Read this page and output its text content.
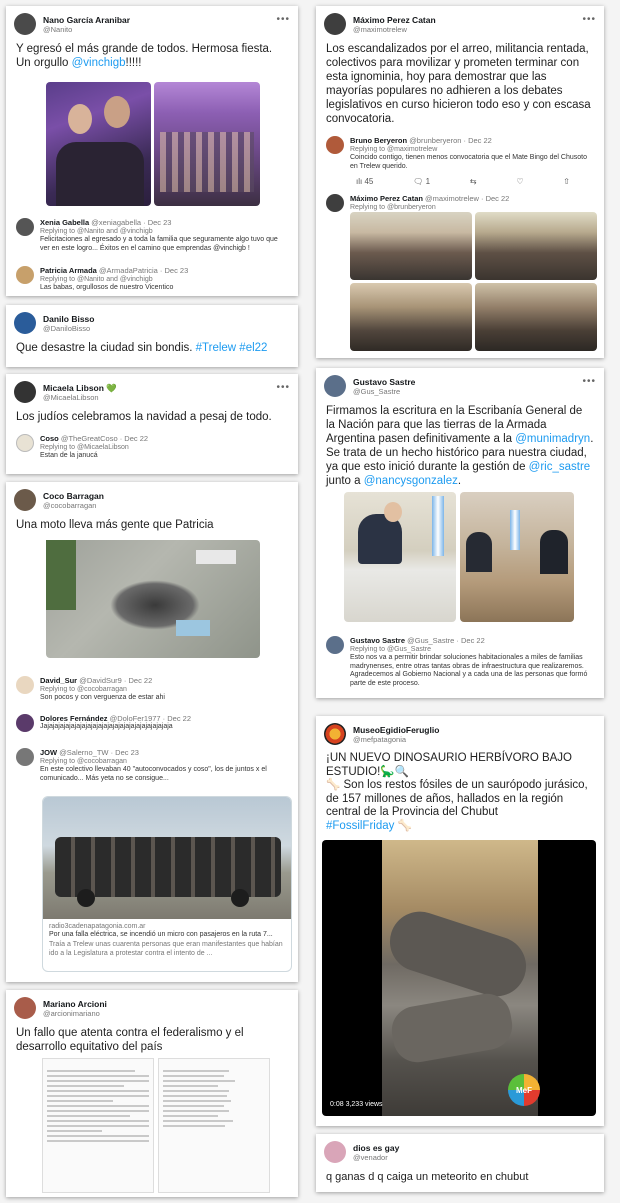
Nano García Aranibar
@Nanito
•••
Y egresó el más grande de todos. Hermosa fiesta. Un orgullo @vinchigb!!!!!
Xenia Gabella @xeniagabella · Dec 23
Replying to @Nanito and @vinchigb
Felicitaciones al egresado y a toda la familia que seguramente algo tuvo que ver en este logro... Éxitos en el camino que emprendas @vinchigb !
Patricia Armada @ArmadaPatricia · Dec 23
Replying to @Nanito and @vinchigb
Las babas, orgullosos de nuestro Vicentico
Danilo Bisso
@DaniloBisso
Que desastre la ciudad sin bondis. #Trelew #el22
Micaela Libson 💚
@MicaelaLibson
•••
Los judíos celebramos la navidad a pesaj de todo.
Coso @TheGreatCoso · Dec 22
Replying to @MicaelaLibson
Estan de la janucá
Coco Barragan
@cocobarragan
Una moto lleva más gente que Patricia
David_Sur @DavidSur9 · Dec 22
Replying to @cocobarragan
Son pocos y con verguenza de estar ahi
Dolores Fernández @DoloFer1977 · Dec 22
Jajajajajajajajajajajajajajajajajajajajajajajaja
JOW @Salerno_TW · Dec 23
Replying to @cocobarragan
En este colectivo llevaban 40 "autoconvocados y coso", los de juntos x el comunicado... Más yeta no se consigue...
radio3cadenapatagonia.com.ar
Por una falla eléctrica, se incendió un micro con pasajeros en la ruta 7...
Traía a Trelew unas cuarenta personas que eran manifestantes que habían ido a la Legislatura a protestar contra el intento de ...
Mariano Arcioni
@arcionimariano
Un fallo que atenta contra el federalismo y el desarrollo equitativo del país
Máximo Perez Catan
@maximotrelew
•••
Los escandalizados por el arreo, militancia rentada, colectivos para movilizar y prometen terminar con esta ignominia, hoy para demostrar que las mayorías populares no adhieren a los debates legislativos en curso hicieron todo eso y con escasa convocatoria.
Bruno Beryeron @brunberyeron · Dec 22
Replying to @maximotrelew
Coincido contigo, tienen menos convocatoria que el Mate Bingo del Chusoto en Trelew querido.
ılı 45	🗨 1	⇆	♡	⇧
Máximo Perez Catan @maximotrelew · Dec 22
Replying to @brunberyeron
Gustavo Sastre
@Gus_Sastre
•••
Firmamos la escritura en la Escribanía General de la Nación para que las tierras de la Armada Argentina pasen definitivamente a la @munimadryn. Se trata de un hecho histórico para nuestra ciudad, ya que esto inició durante la gestión de @ric_sastre junto a @nancysgonzalez.
Gustavo Sastre @Gus_Sastre · Dec 22
Replying to @Gus_Sastre
Esto nos va a permitir brindar soluciones habitacionales a miles de familias madrynenses, entre otras tantas obras de infraestructura que realizaremos. Agradecemos al Gobierno Nacional y a cada una de las personas que formó parte de este proceso.
MuseoEgidioFeruglio
@mefpatagonia
¡UN NUEVO DINOSAURIO HERBÍVORO BAJO ESTUDIO!🦕🔍
🦴 Son los restos fósiles de un saurópodo jurásico, de 157 millones de años, hallados en la región central de la Provincia del Chubut
#FossilFriday 🦴
MeF
0:08 3,233 views
dios es gay
@venador
q ganas d q caiga un meteorito en chubut
